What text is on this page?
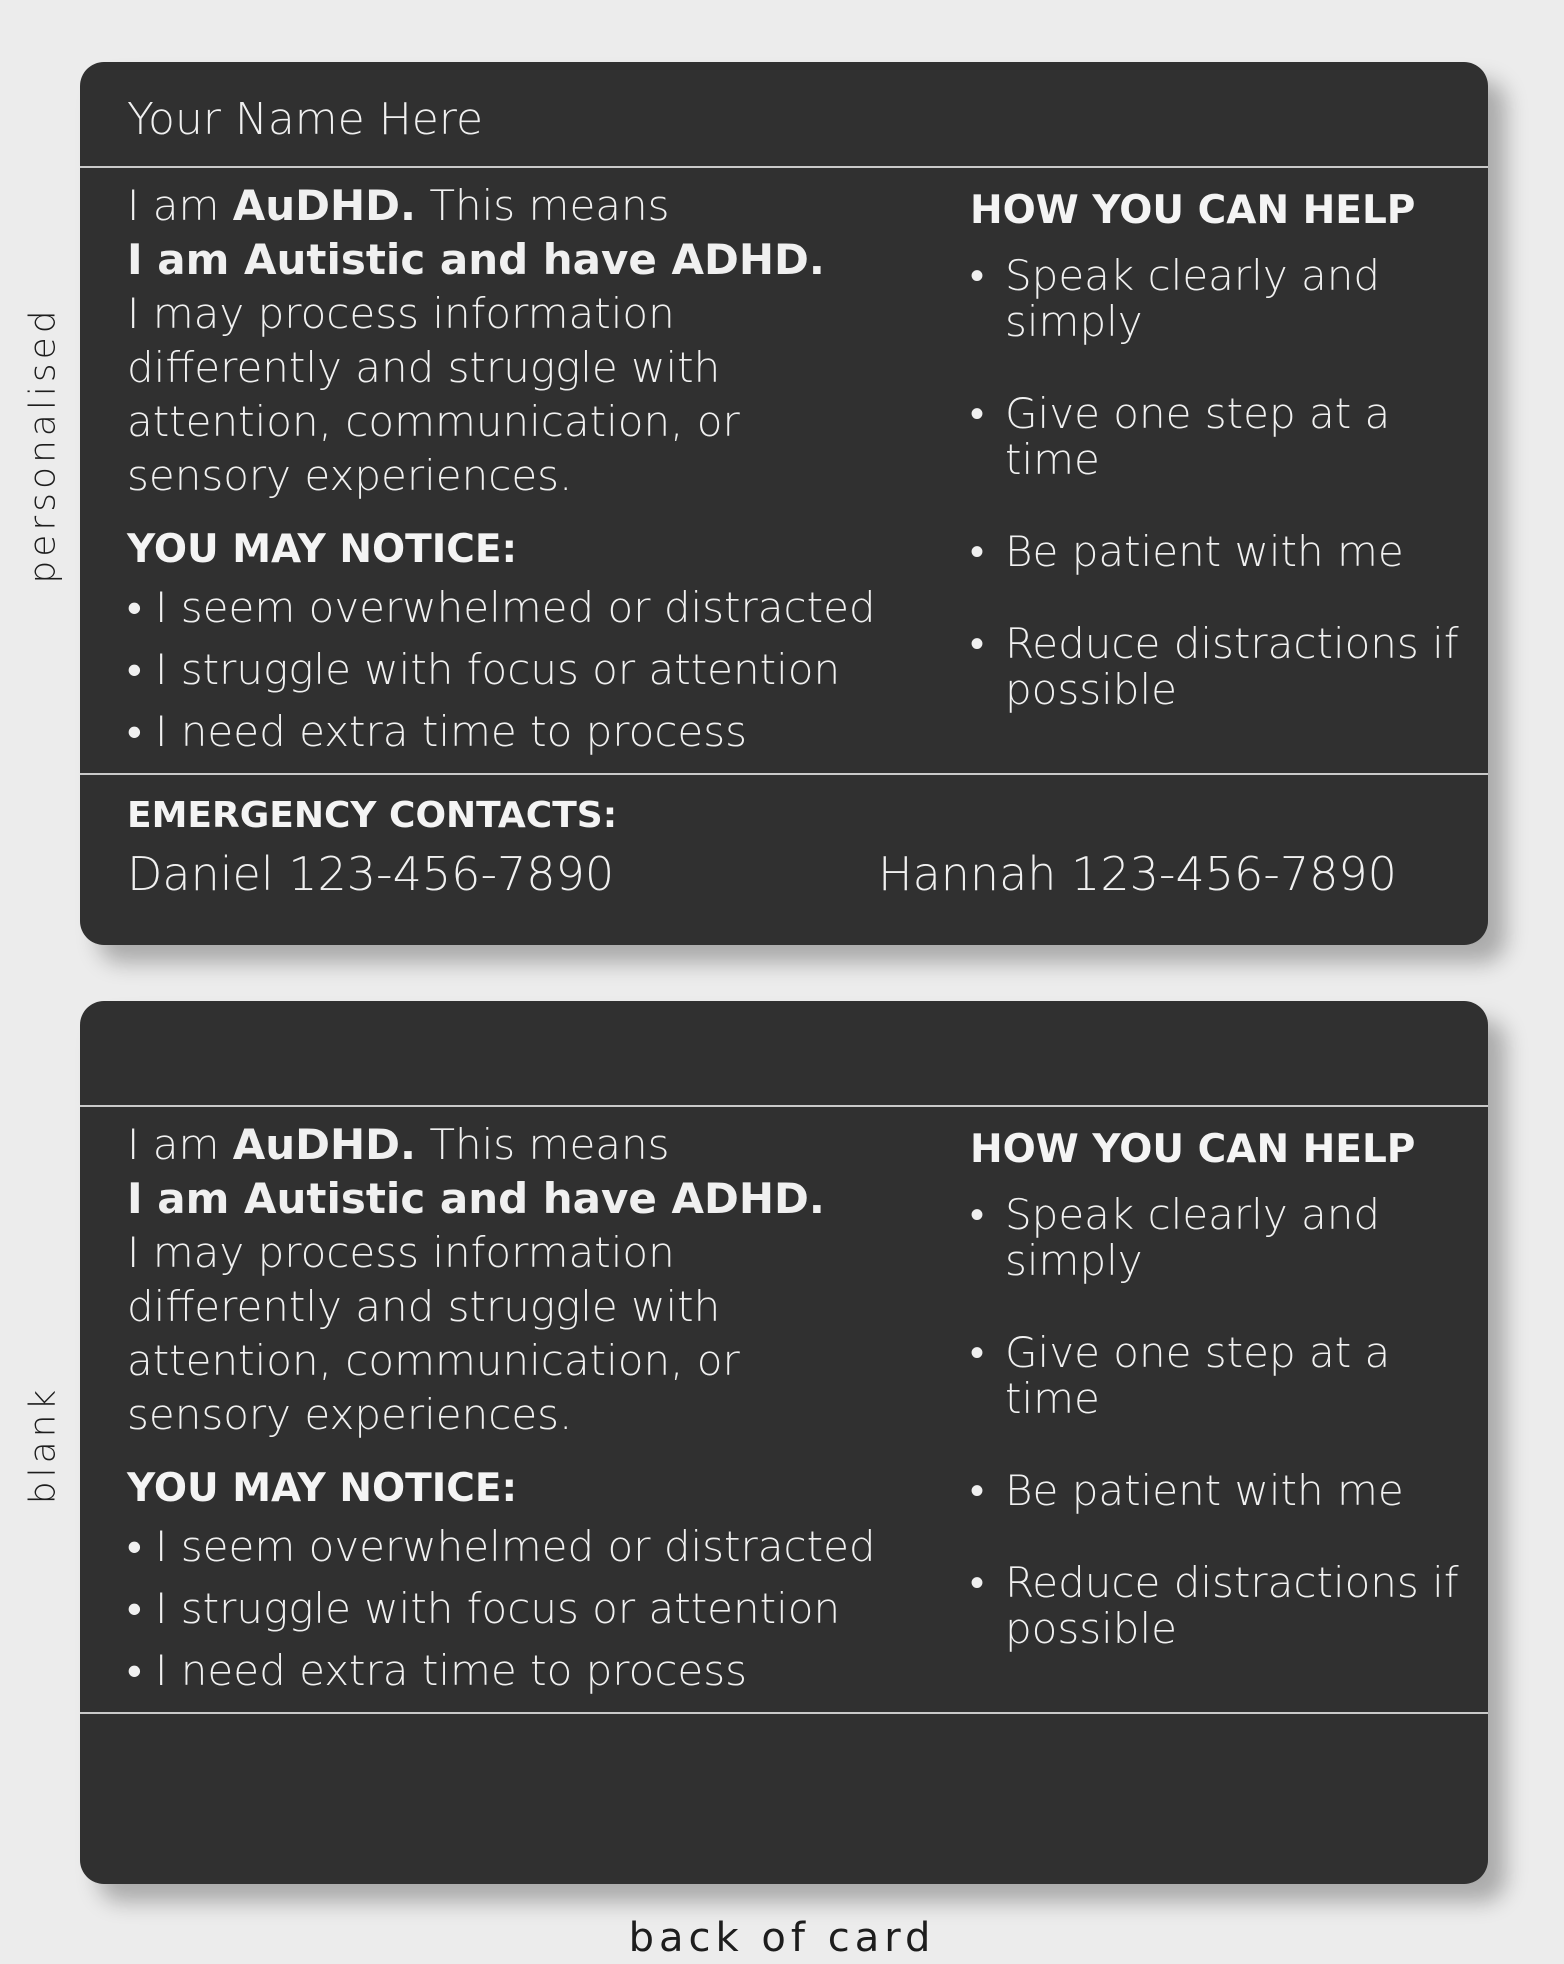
personalised
blank
Your Name Here
I am AuDHD. This means
I am Autistic and have ADHD.
I may process information
differently and struggle with
attention, communication, or
sensory experiences.
YOU MAY NOTICE:
• I seem overwhelmed or distracted
• I struggle with focus or attention
• I need extra time to process
HOW YOU CAN HELP
• Speak clearly and simply
• Give one step at a time
• Be patient with me
• Reduce distractions if possible
EMERGENCY CONTACTS:
Daniel 123-456-7890	Hannah 123-456-7890
I am AuDHD. This means
I am Autistic and have ADHD.
I may process information
differently and struggle with
attention, communication, or
sensory experiences.
YOU MAY NOTICE:
• I seem overwhelmed or distracted
• I struggle with focus or attention
• I need extra time to process
HOW YOU CAN HELP
• Speak clearly and simply
• Give one step at a time
• Be patient with me
• Reduce distractions if possible
back of card
